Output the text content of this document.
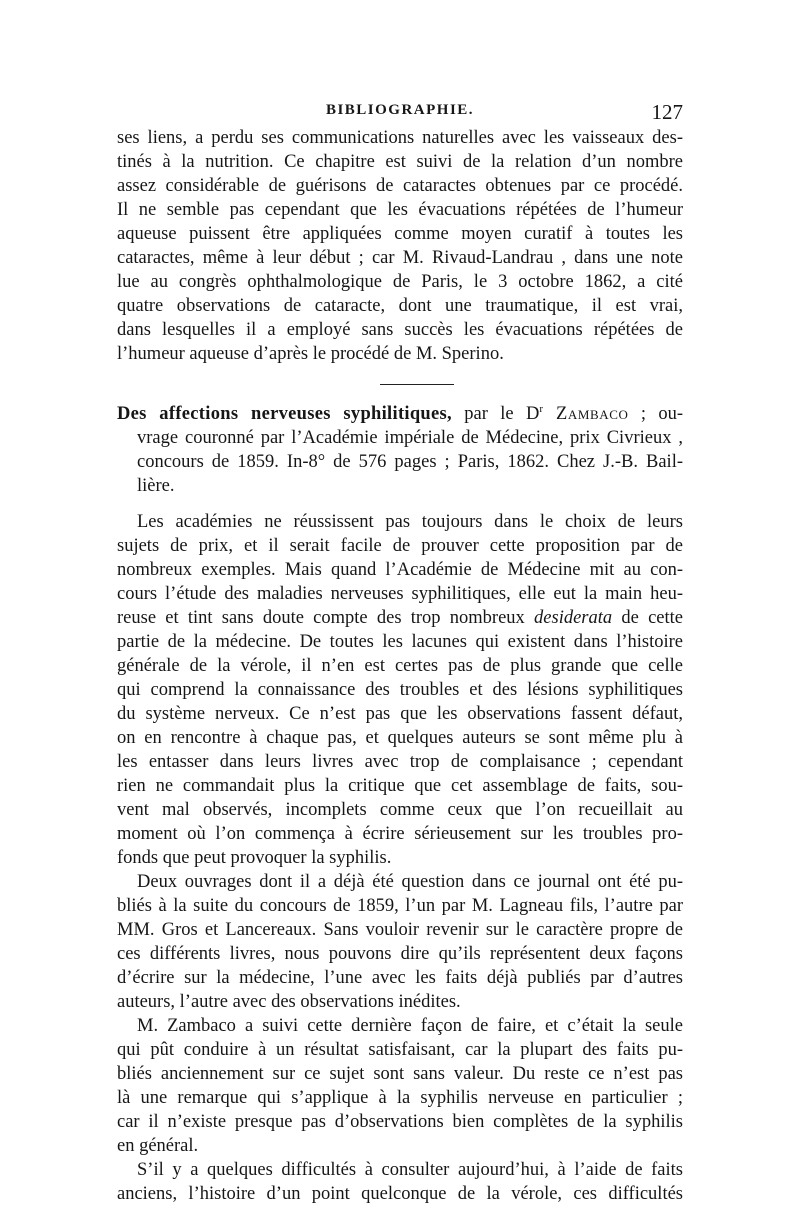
BIBLIOGRAPHIE.	127
ses liens, a perdu ses communications naturelles avec les vaisseaux des-
tinés à la nutrition. Ce chapitre est suivi de la relation d’un nombre
assez considérable de guérisons de cataractes obtenues par ce procédé.
Il ne semble pas cependant que les évacuations répétées de l’humeur
aqueuse puissent être appliquées comme moyen curatif à toutes les
cataractes, même à leur début ; car M. Rivaud-Landrau , dans une note
lue au congrès ophthalmologique de Paris, le 3 octobre 1862, a cité
quatre observations de cataracte, dont une traumatique, il est vrai,
dans lesquelles il a employé sans succès les évacuations répétées de
l’humeur aqueuse d’après le procédé de M. Sperino.
Des affections nerveuses syphilitiques, par le $D^r$ Zambaco ; ou-
vrage couronné par l’Académie impériale de Médecine, prix Civrieux ,
concours de 1859. In-8° de 576 pages ; Paris, 1862. Chez J.-B. Bail-
lière.
Les académies ne réussissent pas toujours dans le choix de leurs
sujets de prix, et il serait facile de prouver cette proposition par de
nombreux exemples. Mais quand l’Académie de Médecine mit au con-
cours l’étude des maladies nerveuses syphilitiques, elle eut la main heu-
reuse et tint sans doute compte des trop nombreux desiderata de cette
partie de la médecine. De toutes les lacunes qui existent dans l’histoire
générale de la vérole, il n’en est certes pas de plus grande que celle
qui comprend la connaissance des troubles et des lésions syphilitiques
du système nerveux. Ce n’est pas que les observations fassent défaut,
on en rencontre à chaque pas, et quelques auteurs se sont même plu à
les entasser dans leurs livres avec trop de complaisance ; cependant
rien ne commandait plus la critique que cet assemblage de faits, sou-
vent mal observés, incomplets comme ceux que l’on recueillait au
moment où l’on commença à écrire sérieusement sur les troubles pro-
fonds que peut provoquer la syphilis.
Deux ouvrages dont il a déjà été question dans ce journal ont été pu-
bliés à la suite du concours de 1859, l’un par M. Lagneau fils, l’autre par
MM. Gros et Lancereaux. Sans vouloir revenir sur le caractère propre de
ces différents livres, nous pouvons dire qu’ils représentent deux façons
d’écrire sur la médecine, l’une avec les faits déjà publiés par d’autres
auteurs, l’autre avec des observations inédites.
M. Zambaco a suivi cette dernière façon de faire, et c’était la seule
qui pût conduire à un résultat satisfaisant, car la plupart des faits pu-
bliés anciennement sur ce sujet sont sans valeur. Du reste ce n’est pas
là une remarque qui s’applique à la syphilis nerveuse en particulier ;
car il n’existe presque pas d’observations bien complètes de la syphilis
en général.
S’il y a quelques difficultés à consulter aujourd’hui, à l’aide de faits
anciens, l’histoire d’un point quelconque de la vérole, ces difficultés
